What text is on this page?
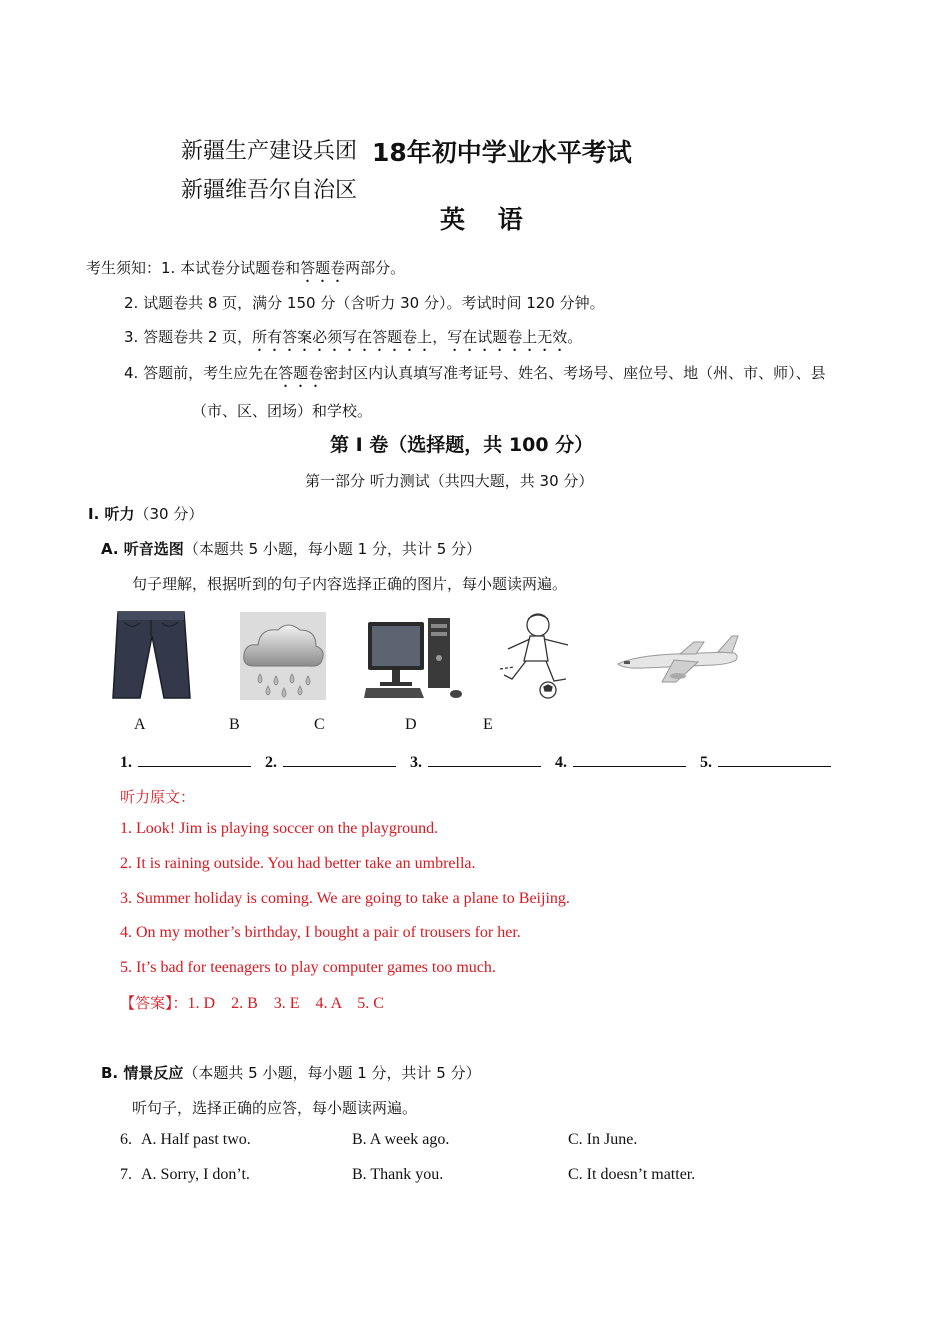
新疆生产建设兵团 18年初中学业水平考试
新疆维吾尔自治区
英 语
考生须知：1. 本试卷分试题卷和答题卷两部分。
2. 试题卷共 8 页，满分 150 分（含听力 30 分）。考试时间 120 分钟。
3. 答题卷共 2 页，所有答案必须写在答题卷上，写在试题卷上无效。
4. 答题前，考生应先在答题卷密封区内认真填写准考证号、姓名、考场号、座位号、地（州、市、师）、县
（市、区、团场）和学校。
第 I 卷（选择题，共 100 分）
第一部分 听力测试（共四大题，共 30 分）
I. 听力（30 分）
A. 听音选图（本题共 5 小题，每小题 1 分，共计 5 分）
句子理解，根据听到的句子内容选择正确的图片，每小题读两遍。
A	B	C	D	E
1.	2.	3.	4.	5.
听力原文：
1. Look! Jim is playing soccer on the playground.
2. It is raining outside. You had better take an umbrella.
3. Summer holiday is coming. We are going to take a plane to Beijing.
4. On my mother’s birthday, I bought a pair of trousers for her.
5. It’s bad for teenagers to play computer games too much.
【答案】：1. D    2. B    3. E    4. A    5. C
B. 情景反应（本题共 5 小题，每小题 1 分，共计 5 分）
听句子，选择正确的应答，每小题读两遍。
6. A. Half past two.	B. A week ago.	C. In June.
7. A. Sorry, I don’t.	B. Thank you.	C. It doesn’t matter.
